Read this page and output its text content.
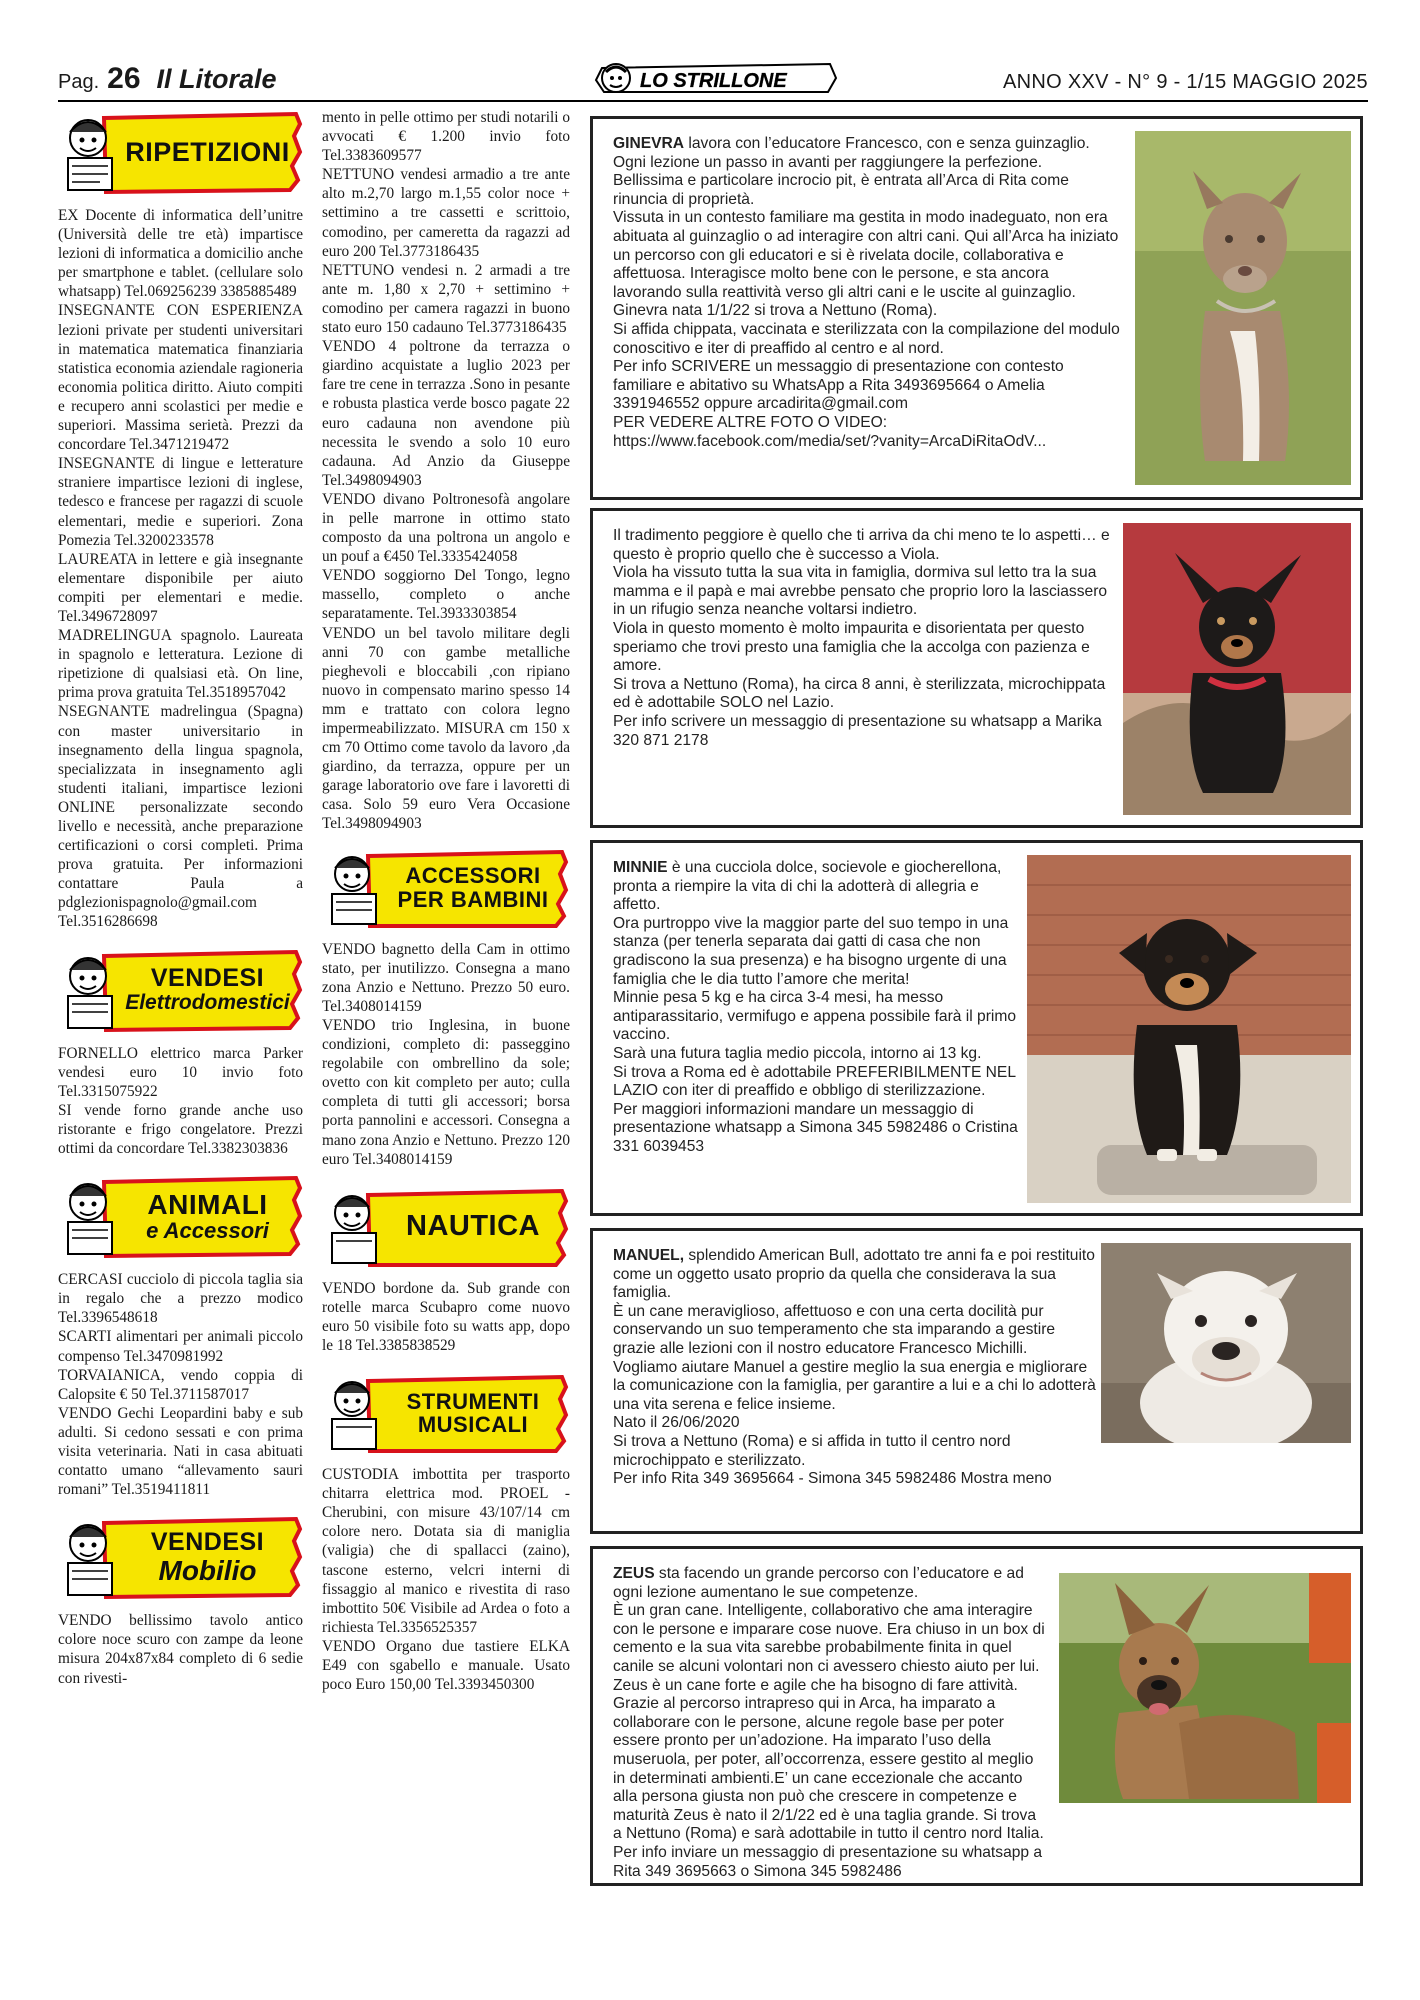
Pag. 26 Il Litorale	LO STRILLONE	ANNO XXV - N° 9 - 1/15 MAGGIO 2025
RIPETIZIONI

EX Docente di informatica dell’unitre (Università delle tre età) impartisce lezioni di informatica a domicilio anche per smartphone e tablet. (cellulare solo whatsapp) Tel.069256239 3385885489

INSEGNANTE CON ESPERIENZA lezioni private per studenti universitari in matematica matematica finanziaria statistica economia aziendale ragioneria economia politica diritto. Aiuto compiti e recupero anni scolastici per medie e superiori. Massima serietà. Prezzi da concordare Tel.3471219472

INSEGNANTE di lingue e letterature straniere impartisce lezioni di inglese, tedesco e francese per ragazzi di scuole elementari, medie e superiori. Zona Pomezia Tel.3200233578

LAUREATA in lettere e già insegnante elementare disponibile per aiuto compiti per elementari e medie. Tel.3496728097

MADRELINGUA spagnolo. Laureata in spagnolo e letteratura. Lezione di ripetizione di qualsiasi età. On line, prima prova gratuita Tel.3518957042

NSEGNANTE madrelingua (Spagna) con master universitario in insegnamento della lingua spagnola, specializzata in insegnamento agli studenti italiani, impartisce lezioni ONLINE personalizzate secondo livello e necessità, anche preparazione certificazioni o corsi completi. Prima prova gratuita. Per informazioni contattare Paula a pdglezionispagnolo@gmail.com Tel.3516286698

VENDESI
Elettrodomestici

FORNELLO elettrico marca Parker vendesi euro 10 invio foto Tel.3315075922

SI vende forno grande anche uso ristorante e frigo congelatore. Prezzi ottimi da concordare Tel.3382303836

ANIMALI
e Accessori

CERCASI cucciolo di piccola taglia sia in regalo che a prezzo modico Tel.3396548618

SCARTI alimentari per animali piccolo compenso Tel.3470981992

TORVAIANICA, vendo coppia di Calopsite € 50 Tel.3711587017

VENDO Gechi Leopardini baby e sub adulti. Si cedono sessati e con prima visita veterinaria. Nati in casa abituati contatto umano “allevamento sauri romani” Tel.3519411811

VENDESI
Mobilio

VENDO bellissimo tavolo antico colore noce scuro con zampe da leone misura 204x87x84 completo di 6 sedie con rivesti-

mento in pelle ottimo per studi notarili o avvocati € 1.200 invio foto Tel.3383609577

NETTUNO vendesi armadio a tre ante alto m.2,70 largo m.1,55 color noce + settimino a tre cassetti e scrittoio, comodino, per cameretta da ragazzi ad euro 200 Tel.3773186435

NETTUNO vendesi n. 2 armadi a tre ante m. 1,80 x 2,70 + settimino + comodino per camera ragazzi in buono stato euro 150 cadauno Tel.3773186435

VENDO 4 poltrone da terrazza o giardino acquistate a luglio 2023 per fare tre cene in terrazza .Sono in pesante e robusta plastica verde bosco pagate 22 euro cadauna non avendone più necessita le svendo a solo 10 euro cadauna. Ad Anzio da Giuseppe Tel.3498094903

VENDO divano Poltronesofà angolare in pelle marrone in ottimo stato composto da una poltrona un angolo e un pouf a €450 Tel.3335424058

VENDO soggiorno Del Tongo, legno massello, completo o anche separatamente. Tel.3933303854

VENDO un bel tavolo militare degli anni 70 con gambe metalliche pieghevoli e bloccabili ,con ripiano nuovo in compensato marino spesso 14 mm e trattato con colora legno impermeabilizzato. MISURA cm 150 x cm 70 Ottimo come tavolo da lavoro ,da giardino, da terrazza, oppure per un garage laboratorio ove fare i lavoretti di casa. Solo 59 euro Vera Occasione Tel.3498094903

ACCESSORI
PER BAMBINI

VENDO bagnetto della Cam in ottimo stato, per inutilizzo. Consegna a mano zona Anzio e Nettuno. Prezzo 50 euro. Tel.3408014159

VENDO trio Inglesina, in buone condizioni, completo di: passeggino regolabile con ombrellino da sole; ovetto con kit completo per auto; culla completa di tutti gli accessori; borsa porta pannolini e accessori. Consegna a mano zona Anzio e Nettuno. Prezzo 120 euro Tel.3408014159

NAUTICA

VENDO bordone da. Sub grande con rotelle marca Scubapro come nuovo euro 50 visibile foto su watts app, dopo le 18 Tel.3385838529

STRUMENTI
MUSICALI

CUSTODIA imbottita per trasporto chitarra elettrica mod. PROEL - Cherubini, con misure 43/107/14 cm colore nero. Dotata sia di maniglia (valigia) che di spallacci (zaino), tascone esterno, velcri interni di fissaggio al manico e rivestita di raso imbottito 50€ Visibile ad Ardea o foto a richiesta Tel.3356525357

VENDO Organo due tastiere ELKA E49 con sgabello e manuale. Usato poco Euro 150,00 Tel.3393450300

GINEVRA lavora con l’educatore Francesco, con e senza guinzaglio. Ogni lezione un passo in avanti per raggiungere la perfezione.

Bellissima e particolare incrocio pit, è entrata all’Arca di Rita come rinuncia di proprietà.

Vissuta in un contesto familiare ma gestita in modo inadeguato, non era abituata al guinzaglio o ad interagire con altri cani. Qui all’Arca ha iniziato un percorso con gli educatori e si è rivelata docile, collaborativa e affettuosa. Interagisce molto bene con le persone, e sta ancora lavorando sulla reattività verso gli altri cani e le uscite al guinzaglio.

Ginevra nata 1/1/22 si trova a Nettuno (Roma).

Si affida chippata, vaccinata e sterilizzata con la compilazione del modulo conoscitivo e iter di preaffido al centro e al nord.

Per info SCRIVERE un messaggio di presentazione con contesto familiare e abitativo su WhatsApp a Rita 3493695664 o Amelia 3391946552 oppure arcadirita@gmail.com

PER VEDERE ALTRE FOTO O VIDEO: https://www.facebook.com/media/set/?vanity=ArcaDiRitaOdV...

Il tradimento peggiore è quello che ti arriva da chi meno te lo aspetti… e questo è proprio quello che è successo a Viola.

Viola ha vissuto tutta la sua vita in famiglia, dormiva sul letto tra la sua mamma e il papà e mai avrebbe pensato che proprio loro la lasciassero in un rifugio senza neanche voltarsi indietro.

Viola in questo momento è molto impaurita e disorientata per questo speriamo che trovi presto una famiglia che la accolga con pazienza e amore.

Si trova a Nettuno (Roma), ha circa 8 anni, è sterilizzata, microchippata ed è adottabile SOLO nel Lazio.

Per info scrivere un messaggio di presentazione su whatsapp a Marika 320 871 2178

MINNIE è una cucciola dolce, socievole e giocherellona, pronta a riempire la vita di chi la adotterà di allegria e affetto.

Ora purtroppo vive la maggior parte del suo tempo in una stanza (per tenerla separata dai gatti di casa che non gradiscono la sua presenza) e ha bisogno urgente di una famiglia che le dia tutto l’amore che merita!

Minnie pesa 5 kg e ha circa 3-4 mesi, ha messo antiparassitario, vermifugo e appena possibile farà il primo vaccino.

Sarà una futura taglia medio piccola, intorno ai 13 kg.

Si trova a Roma ed è adottabile PREFERIBILMENTE NEL LAZIO con iter di preaffido e obbligo di sterilizzazione.

Per maggiori informazioni mandare un messaggio di presentazione whatsapp a Simona 345 5982486 o Cristina 331 6039453

MANUEL, splendido American Bull, adottato tre anni fa e poi restituito come un oggetto usato proprio da quella che considerava la sua famiglia.

È un cane meraviglioso, affettuoso e con una certa docilità pur conservando un suo temperamento che sta imparando a gestire grazie alle lezioni con il nostro educatore Francesco Michilli.

Vogliamo aiutare Manuel a gestire meglio la sua energia e migliorare la comunicazione con la famiglia, per garantire a lui e a chi lo adotterà una vita serena e felice insieme.

Nato il 26/06/2020

Si trova a Nettuno (Roma) e si affida in tutto il centro nord microchippato e sterilizzato.

Per info Rita 349 3695664 - Simona 345 5982486 Mostra meno

ZEUS sta facendo un grande percorso con l’educatore e ad ogni lezione aumentano le sue competenze.

È un gran cane. Intelligente, collaborativo che ama interagire con le persone e imparare cose nuove. Era chiuso in un box di cemento e la sua vita sarebbe probabilmente finita in quel canile se alcuni volontari non ci avessero chiesto aiuto per lui.

Zeus è un cane forte e agile che ha bisogno di fare attività. Grazie al percorso intrapreso qui in Arca, ha imparato a collaborare con le persone, alcune regole base per poter essere pronto per un’adozione. Ha imparato l’uso della museruola, per poter, all’occorrenza, essere gestito al meglio in determinati ambienti.E’ un cane eccezionale che accanto alla persona giusta non può che crescere in competenze e maturità Zeus è nato il 2/1/22 ed è una taglia grande. Si trova a Nettuno (Roma) e sarà adottabile in tutto il centro nord Italia. Per info inviare un messaggio di presentazione su whatsapp a Rita 349 3695663 o Simona 345 5982486
